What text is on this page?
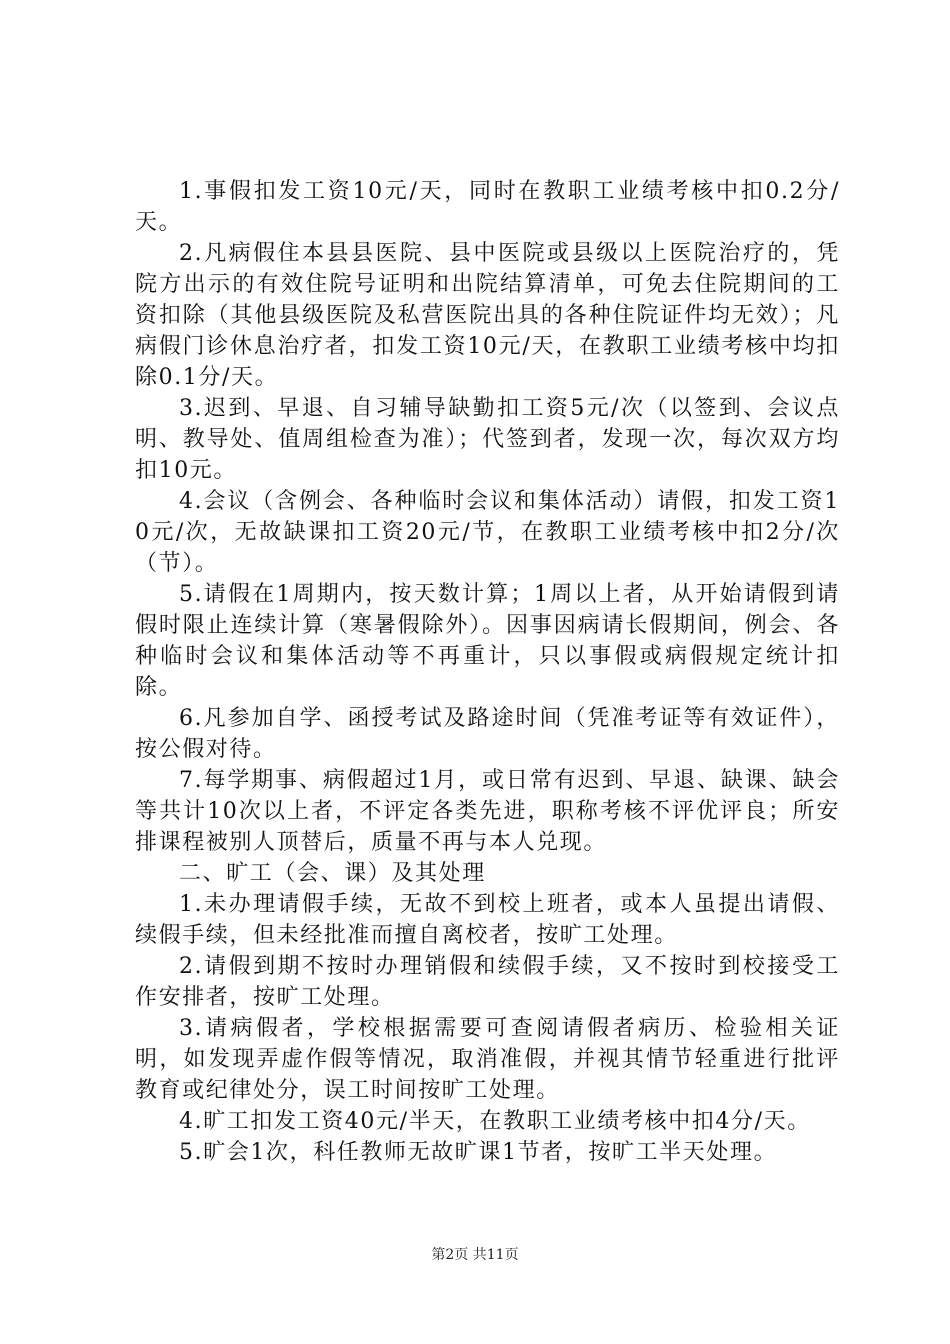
1.事假扣发工资10元/天，同时在教职工业绩考核中扣0.2分/天。

2.凡病假住本县县医院、县中医院或县级以上医院治疗的，凭院方出示的有效住院号证明和出院结算清单，可免去住院期间的工资扣除（其他县级医院及私营医院出具的各种住院证件均无效）；凡病假门诊休息治疗者，扣发工资10元/天，在教职工业绩考核中均扣除0.1分/天。

3.迟到、早退、自习辅导缺勤扣工资5元/次（以签到、会议点明、教导处、值周组检查为准）；代签到者，发现一次，每次双方均扣10元。

4.会议（含例会、各种临时会议和集体活动）请假，扣发工资10元/次，无故缺课扣工资20元/节，在教职工业绩考核中扣2分/次（节）。

5.请假在1周期内，按天数计算；1周以上者，从开始请假到请假时限止连续计算（寒暑假除外）。因事因病请长假期间，例会、各种临时会议和集体活动等不再重计，只以事假或病假规定统计扣除。

6.凡参加自学、函授考试及路途时间（凭准考证等有效证件），按公假对待。

7.每学期事、病假超过1月，或日常有迟到、早退、缺课、缺会等共计10次以上者，不评定各类先进，职称考核不评优评良；所安排课程被别人顶替后，质量不再与本人兑现。

二、旷工（会、课）及其处理

1.未办理请假手续，无故不到校上班者，或本人虽提出请假、续假手续，但未经批准而擅自离校者，按旷工处理。

2.请假到期不按时办理销假和续假手续，又不按时到校接受工作安排者，按旷工处理。

3.请病假者，学校根据需要可查阅请假者病历、检验相关证明，如发现弄虚作假等情况，取消准假，并视其情节轻重进行批评教育或纪律处分，误工时间按旷工处理。

4.旷工扣发工资40元/半天，在教职工业绩考核中扣4分/天。

5.旷会1次，科任教师无故旷课1节者，按旷工半天处理。

第2页 共11页
